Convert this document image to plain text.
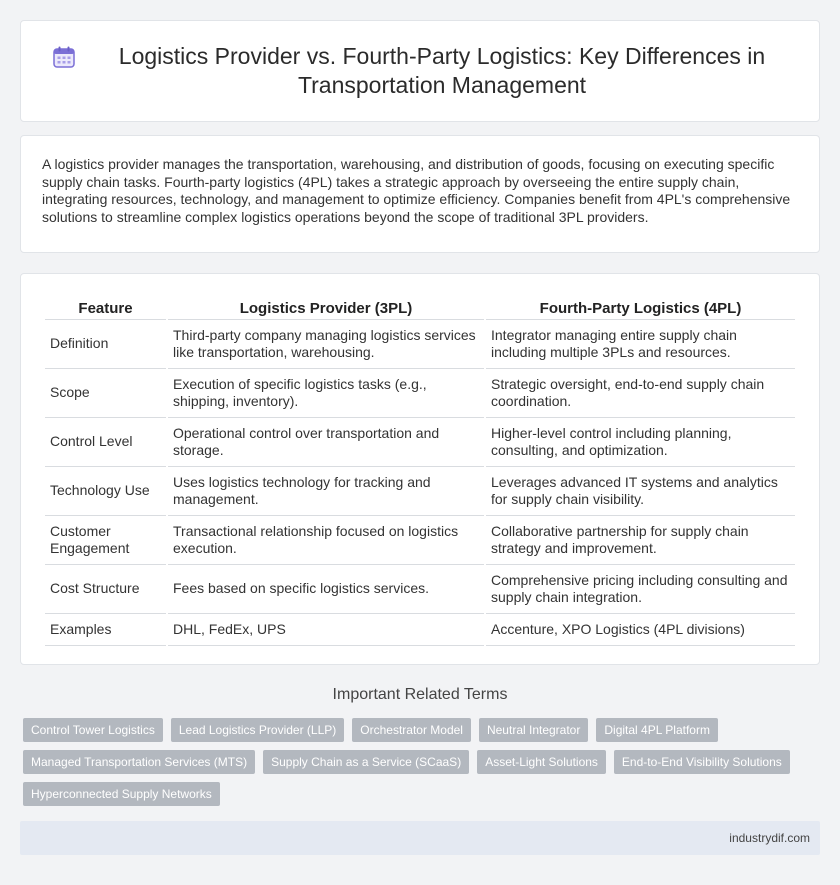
Logistics Provider vs. Fourth-Party Logistics: Key Differences in Transportation Management

A logistics provider manages the transportation, warehousing, and distribution of goods, focusing on executing specific supply chain tasks. Fourth-party logistics (4PL) takes a strategic approach by overseeing the entire supply chain, integrating resources, technology, and management to optimize efficiency. Companies benefit from 4PL's comprehensive solutions to streamline complex logistics operations beyond the scope of traditional 3PL providers.

Feature	Logistics Provider (3PL)	Fourth-Party Logistics (4PL)
Definition	Third-party company managing logistics services like transportation, warehousing.	Integrator managing entire supply chain including multiple 3PLs and resources.
Scope	Execution of specific logistics tasks (e.g., shipping, inventory).	Strategic oversight, end-to-end supply chain coordination.
Control Level	Operational control over transportation and storage.	Higher-level control including planning, consulting, and optimization.
Technology Use	Uses logistics technology for tracking and management.	Leverages advanced IT systems and analytics for supply chain visibility.
Customer Engagement	Transactional relationship focused on logistics execution.	Collaborative partnership for supply chain strategy and improvement.
Cost Structure	Fees based on specific logistics services.	Comprehensive pricing including consulting and supply chain integration.
Examples	DHL, FedEx, UPS	Accenture, XPO Logistics (4PL divisions)
Important Related Terms
Control Tower Logistics	Lead Logistics Provider (LLP)	Orchestrator Model	Neutral Integrator	Digital 4PL Platform
Managed Transportation Services (MTS)	Supply Chain as a Service (SCaaS)	Asset-Light Solutions	End-to-End Visibility Solutions
Hyperconnected Supply Networks
industrydif.com
